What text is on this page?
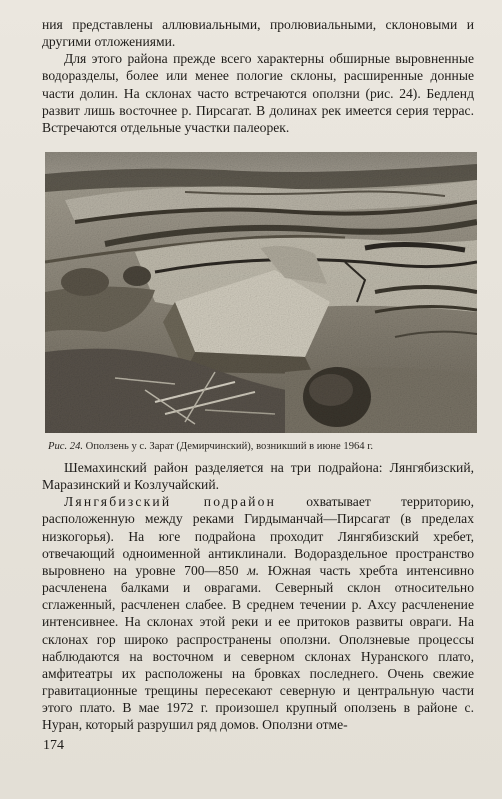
ния представлены аллювиальными, пролювиальными, склоновыми и другими отложениями.

Для этого района прежде всего характерны обширные выровненные водоразделы, более или менее пологие склоны, расширенные донные части долин. На склонах часто встречаются оползни (рис. 24). Бедленд развит лишь восточнее р. Пирсагат. В долинах рек имеется серия террас. Встречаются отдельные участки палеорек.

Рис. 24. Оползень у с. Зарат (Демирчинский), возникший в июне 1964 г.

Шемахинский район разделяется на три подрайона: Лянгябизский, Маразинский и Козлучайский.

Лянгябизский подрайон охватывает территорию, расположенную между реками Гирдыманчай—Пирсагат (в пределах низкогорья). На юге подрайона проходит Лянгябизский хребет, отвечающий одноименной антиклинали. Водораздельное пространство выровнено на уровне 700—850 м. Южная часть хребта интенсивно расчленена балками и оврагами. Северный склон относительно сглаженный, расчленен слабее. В среднем течении р. Ахсу расчленение интенсивнее. На склонах этой реки и ее притоков развиты овраги. На склонах гор широко распространены оползни. Оползневые процессы наблюдаются на восточном и северном склонах Нуранского плато, амфитеатры их расположены на бровках последнего. Очень свежие гравитационные трещины пересекают северную и центральную части этого плато. В мае 1972 г. произошел крупный оползень в районе с. Нуран, который разрушил ряд домов. Оползни отме-

174
